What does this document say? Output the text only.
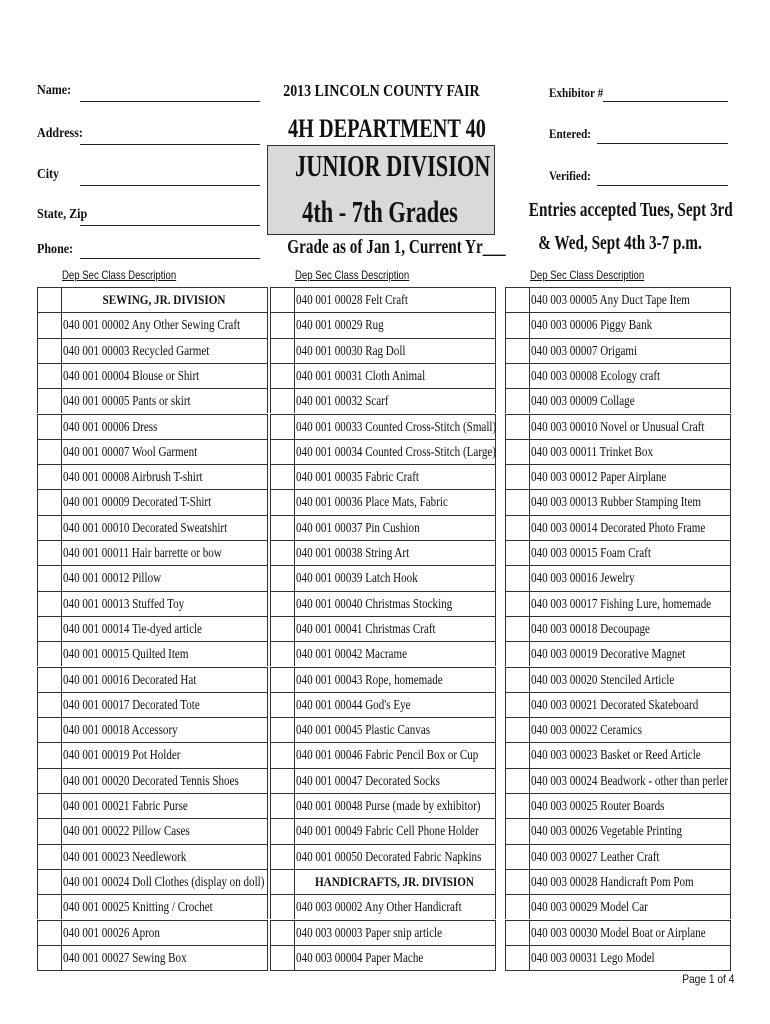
Name:
Address:
City
State, Zip
Phone:
2013 LINCOLN COUNTY FAIR
4H DEPARTMENT 40
JUNIOR DIVISION
4th - 7th Grades
Grade as of Jan 1, Current Yr___
Exhibitor #
Entered:
Verified:
Entries accepted Tues, Sept 3rd
& Wed, Sept 4th 3-7 p.m.
Dep Sec Class Description	Dep Sec Class Description	Dep Sec Class Description
SEWING, JR. DIVISION
040 001 00002 Any Other Sewing Craft
040 001 00003 Recycled Garmet
040 001 00004 Blouse or Shirt
040 001 00005 Pants or skirt
040 001 00006 Dress
040 001 00007 Wool Garment
040 001 00008 Airbrush T-shirt
040 001 00009 Decorated T-Shirt
040 001 00010 Decorated Sweatshirt
040 001 00011 Hair barrette or bow
040 001 00012 Pillow
040 001 00013 Stuffed Toy
040 001 00014 Tie-dyed article
040 001 00015 Quilted Item
040 001 00016 Decorated Hat
040 001 00017 Decorated Tote
040 001 00018 Accessory
040 001 00019 Pot Holder
040 001 00020 Decorated Tennis Shoes
040 001 00021 Fabric Purse
040 001 00022 Pillow Cases
040 001 00023 Needlework
040 001 00024 Doll Clothes (display on doll)
040 001 00025 Knitting / Crochet
040 001 00026 Apron
040 001 00027 Sewing Box
040 001 00028 Felt Craft
040 001 00029 Rug
040 001 00030 Rag Doll
040 001 00031 Cloth Animal
040 001 00032 Scarf
040 001 00033 Counted Cross-Stitch (Small)
040 001 00034 Counted Cross-Stitch (Large)
040 001 00035 Fabric Craft
040 001 00036 Place Mats, Fabric
040 001 00037 Pin Cushion
040 001 00038 String Art
040 001 00039 Latch Hook
040 001 00040 Christmas Stocking
040 001 00041 Christmas Craft
040 001 00042 Macrame
040 001 00043 Rope, homemade
040 001 00044 God's Eye
040 001 00045 Plastic Canvas
040 001 00046 Fabric Pencil Box or Cup
040 001 00047 Decorated Socks
040 001 00048 Purse (made by exhibitor)
040 001 00049 Fabric Cell Phone Holder
040 001 00050 Decorated Fabric Napkins
HANDICRAFTS, JR. DIVISION
040 003 00002 Any Other Handicraft
040 003 00003 Paper snip article
040 003 00004 Paper Mache
040 003 00005 Any Duct Tape Item
040 003 00006 Piggy Bank
040 003 00007 Origami
040 003 00008 Ecology craft
040 003 00009 Collage
040 003 00010 Novel or Unusual Craft
040 003 00011 Trinket Box
040 003 00012 Paper Airplane
040 003 00013 Rubber Stamping Item
040 003 00014 Decorated Photo Frame
040 003 00015 Foam Craft
040 003 00016 Jewelry
040 003 00017 Fishing Lure, homemade
040 003 00018 Decoupage
040 003 00019 Decorative Magnet
040 003 00020 Stenciled Article
040 003 00021 Decorated Skateboard
040 003 00022 Ceramics
040 003 00023 Basket or Reed Article
040 003 00024 Beadwork - other than perler
040 003 00025 Router Boards
040 003 00026 Vegetable Printing
040 003 00027 Leather Craft
040 003 00028 Handicraft Pom Pom
040 003 00029 Model Car
040 003 00030 Model Boat or Airplane
040 003 00031 Lego Model
Page 1 of 4
